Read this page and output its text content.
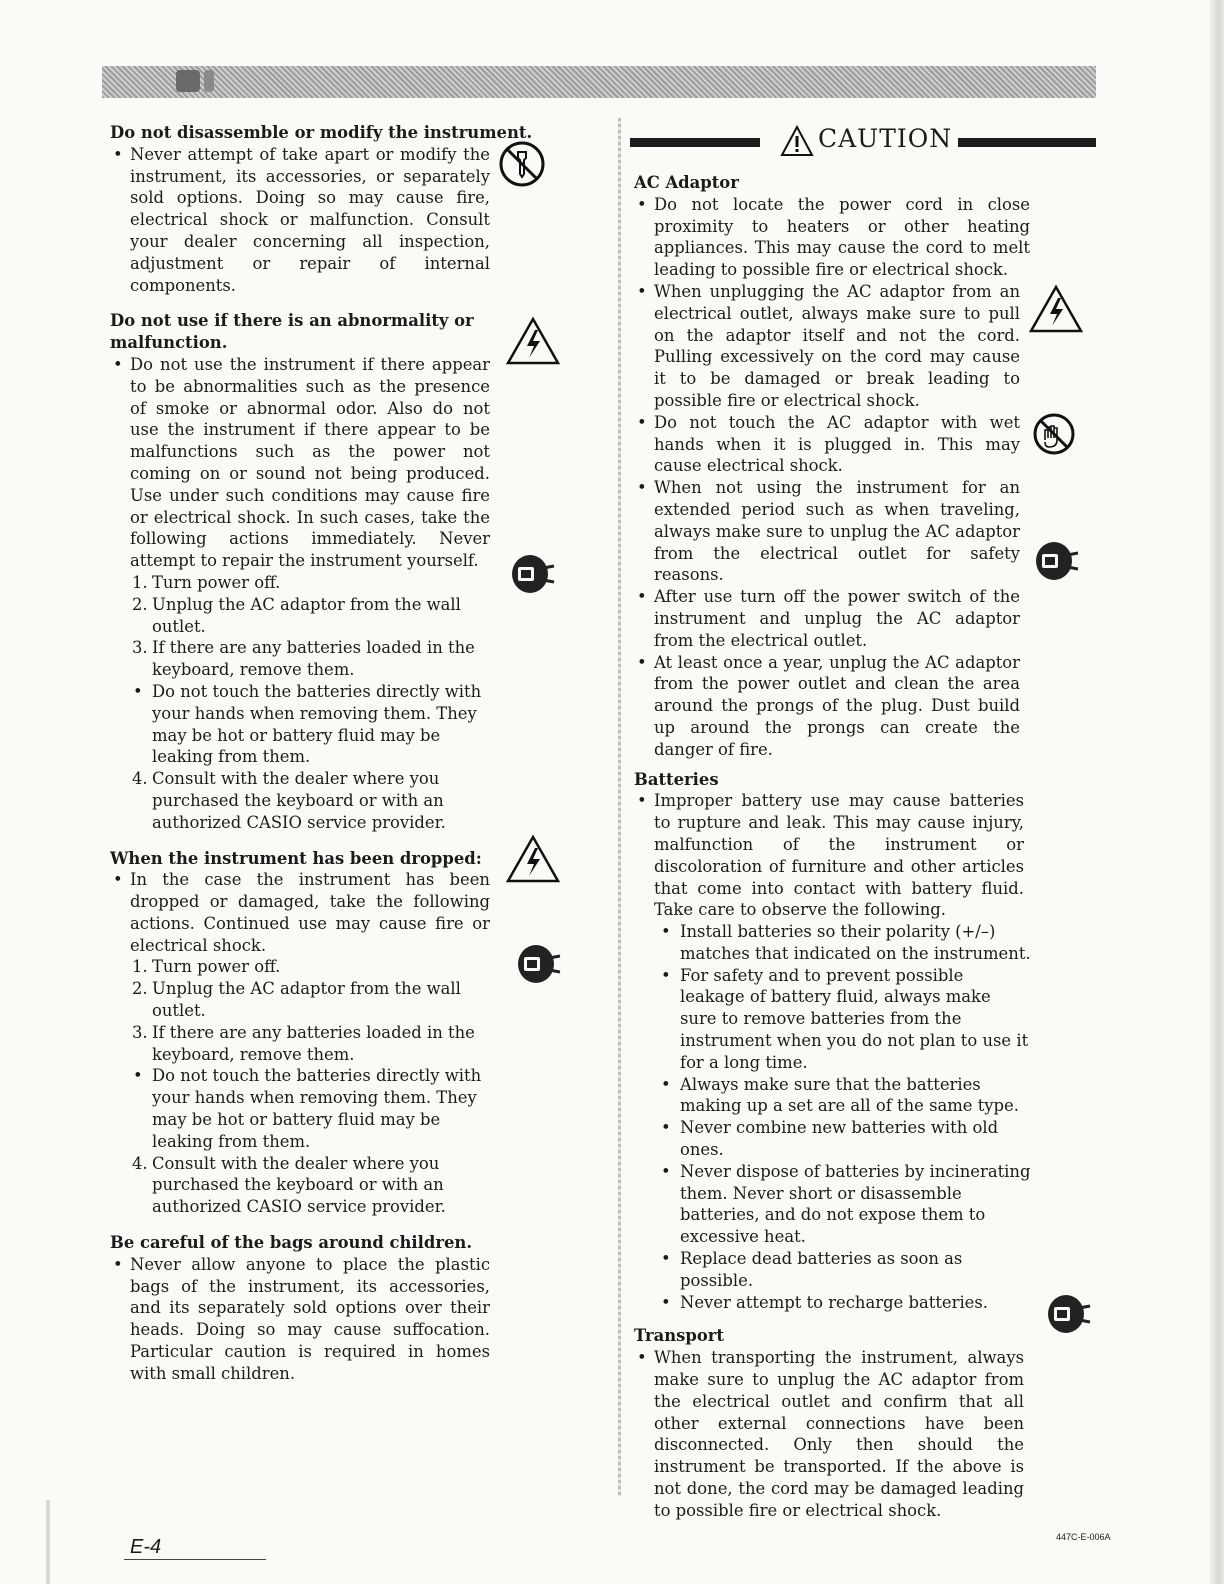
Do not disassemble or modify the instrument.

• Never attempt of take apart or modify the instrument, its accessories, or separately sold options. Doing so may cause fire, electrical shock or malfunction. Consult your dealer concerning all inspection, adjustment or repair of internal components.

Do not use if there is an abnormality or malfunction.

• Do not use the instrument if there appear to be abnormalities such as the presence of smoke or abnormal odor. Also do not use the instrument if there appear to be malfunctions such as the power not coming on or sound not being produced. Use under such conditions may cause fire or electrical shock. In such cases, take the following actions immediately. Never attempt to repair the instrument yourself.

1. Turn power off.

2. Unplug the AC adaptor from the wall outlet.

3. If there are any batteries loaded in the keyboard, remove them.

• Do not touch the batteries directly with your hands when removing them. They may be hot or battery fluid may be leaking from them.

4. Consult with the dealer where you purchased the keyboard or with an authorized CASIO service provider.

When the instrument has been dropped:

• In the case the instrument has been dropped or damaged, take the following actions. Continued use may cause fire or electrical shock.

1. Turn power off.

2. Unplug the AC adaptor from the wall outlet.

3. If there are any batteries loaded in the keyboard, remove them.

• Do not touch the batteries directly with your hands when removing them. They may be hot or battery fluid may be leaking from them.

4. Consult with the dealer where you purchased the keyboard or with an authorized CASIO service provider.

Be careful of the bags around children.

• Never allow anyone to place the plastic bags of the instrument, its accessories, and its separately sold options over their heads. Doing so may cause suffocation. Particular caution is required in homes with small children.

CAUTION

AC Adaptor

• Do not locate the power cord in close proximity to heaters or other heating appliances. This may cause the cord to melt leading to possible fire or electrical shock.

• When unplugging the AC adaptor from an electrical outlet, always make sure to pull on the adaptor itself and not the cord. Pulling excessively on the cord may cause it to be damaged or break leading to possible fire or electrical shock.

• Do not touch the AC adaptor with wet hands when it is plugged in. This may cause electrical shock.

• When not using the instrument for an extended period such as when traveling, always make sure to unplug the AC adaptor from the electrical outlet for safety reasons.

• After use turn off the power switch of the instrument and unplug the AC adaptor from the electrical outlet.

• At least once a year, unplug the AC adaptor from the power outlet and clean the area around the prongs of the plug. Dust build up around the prongs can create the danger of fire.

Batteries

• Improper battery use may cause batteries to rupture and leak. This may cause injury, malfunction of the instrument or discoloration of furniture and other articles that come into contact with battery fluid. Take care to observe the following.

• Install batteries so their polarity (+/–) matches that indicated on the instrument.

• For safety and to prevent possible leakage of battery fluid, always make sure to remove batteries from the instrument when you do not plan to use it for a long time.

• Always make sure that the batteries making up a set are all of the same type.

• Never combine new batteries with old ones.

• Never dispose of batteries by incinerating them. Never short or disassemble batteries, and do not expose them to excessive heat.

• Replace dead batteries as soon as possible.

• Never attempt to recharge batteries.

Transport

• When transporting the instrument, always make sure to unplug the AC adaptor from the electrical outlet and confirm that all other external connections have been disconnected. Only then should the instrument be transported. If the above is not done, the cord may be damaged leading to possible fire or electrical shock.

E-4	447C-E-006A
